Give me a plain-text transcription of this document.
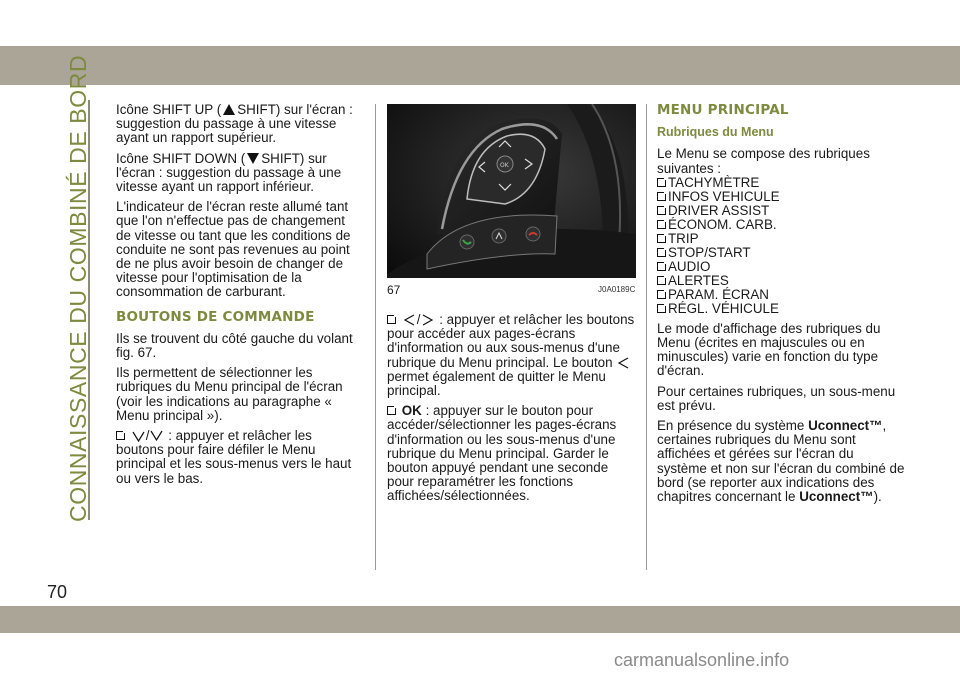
CONNAISSANCE DU COMBINÉ DE BORD
70

Icône SHIFT UP ( SHIFT) sur l'écran : suggestion du passage à une vitesse ayant un rapport supérieur.

Icône SHIFT DOWN ( SHIFT) sur l'écran : suggestion du passage à une vitesse ayant un rapport inférieur.

L'indicateur de l'écran reste allumé tant que l'on n'effectue pas de changement de vitesse ou tant que les conditions de conduite ne sont pas revenues au point de ne plus avoir besoin de changer de vitesse pour l'optimisation de la consommation de carburant.

BOUTONS DE COMMANDE

Ils se trouvent du côté gauche du volant fig. 67.

Ils permettent de sélectionner les rubriques du Menu principal de l'écran (voir les indications au paragraphe « Menu principal »).

/ : appuyer et relâcher les boutons pour faire défiler le Menu principal et les sous-menus vers le haut ou vers le bas.

OK
67	J0A0189C

/ : appuyer et relâcher les boutons pour accéder aux pages-écrans d'information ou aux sous-menus d'une rubrique du Menu principal. Le bouton  permet également de quitter le Menu principal.

OK : appuyer sur le bouton pour accéder/sélectionner les pages-écrans d'information ou les sous-menus d'une rubrique du Menu principal. Garder le bouton appuyé pendant une seconde pour reparamétrer les fonctions affichées/sélectionnées.

MENU PRINCIPAL
Rubriques du Menu
Le Menu se compose des rubriques suivantes :
TACHYMÈTRE
INFOS VEHICULE
DRIVER ASSIST
ÉCONOM. CARB.
TRIP
STOP/START
AUDIO
ALERTES
PARAM. ÉCRAN
RÉGL. VÉHICULE

Le mode d'affichage des rubriques du Menu (écrites en majuscules ou en minuscules) varie en fonction du type d'écran.

Pour certaines rubriques, un sous-menu est prévu.

En présence du système Uconnect™, certaines rubriques du Menu sont affichées et gérées sur l'écran du système et non sur l'écran du combiné de bord (se reporter aux indications des chapitres concernant le Uconnect™).

carmanualsonline.info
